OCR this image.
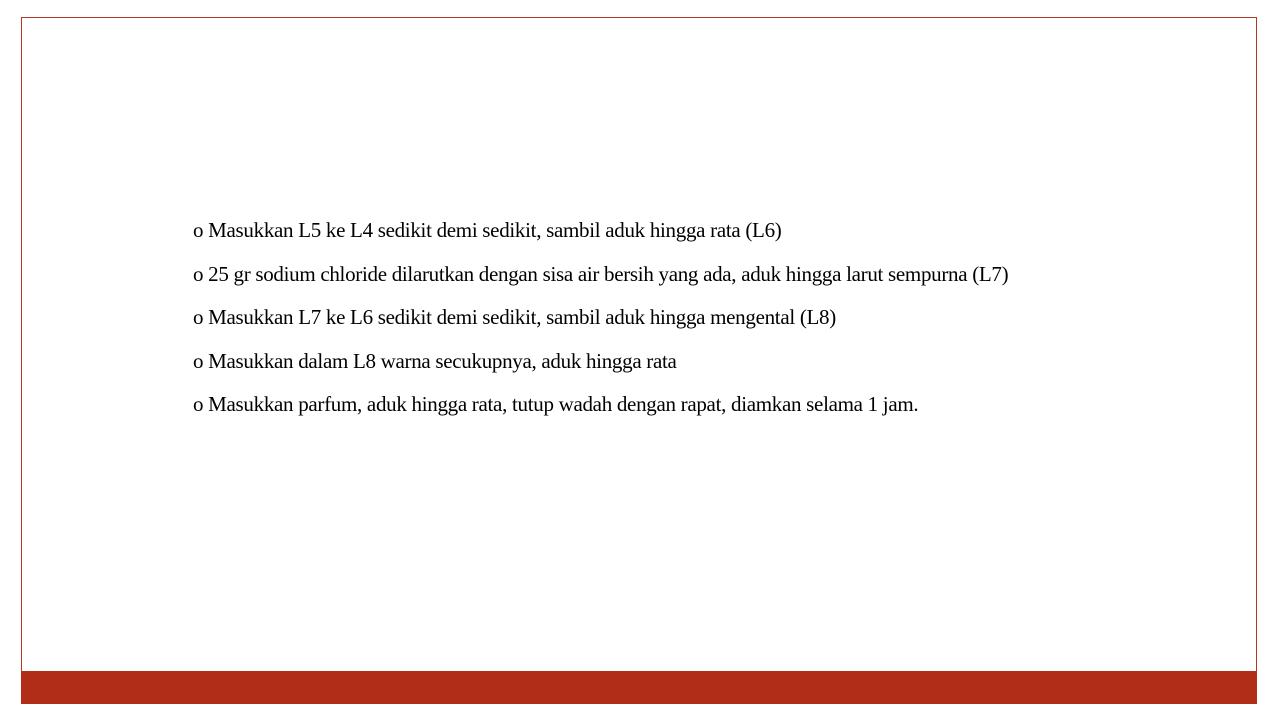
o Masukkan L5 ke L4 sedikit demi sedikit, sambil aduk hingga rata (L6)

o 25 gr sodium chloride dilarutkan dengan sisa air bersih yang ada, aduk hingga larut sempurna (L7)

o Masukkan L7 ke L6 sedikit demi sedikit, sambil aduk hingga mengental (L8)

o Masukkan dalam L8 warna secukupnya, aduk hingga rata

o Masukkan parfum, aduk hingga rata, tutup wadah dengan rapat, diamkan selama 1 jam.
